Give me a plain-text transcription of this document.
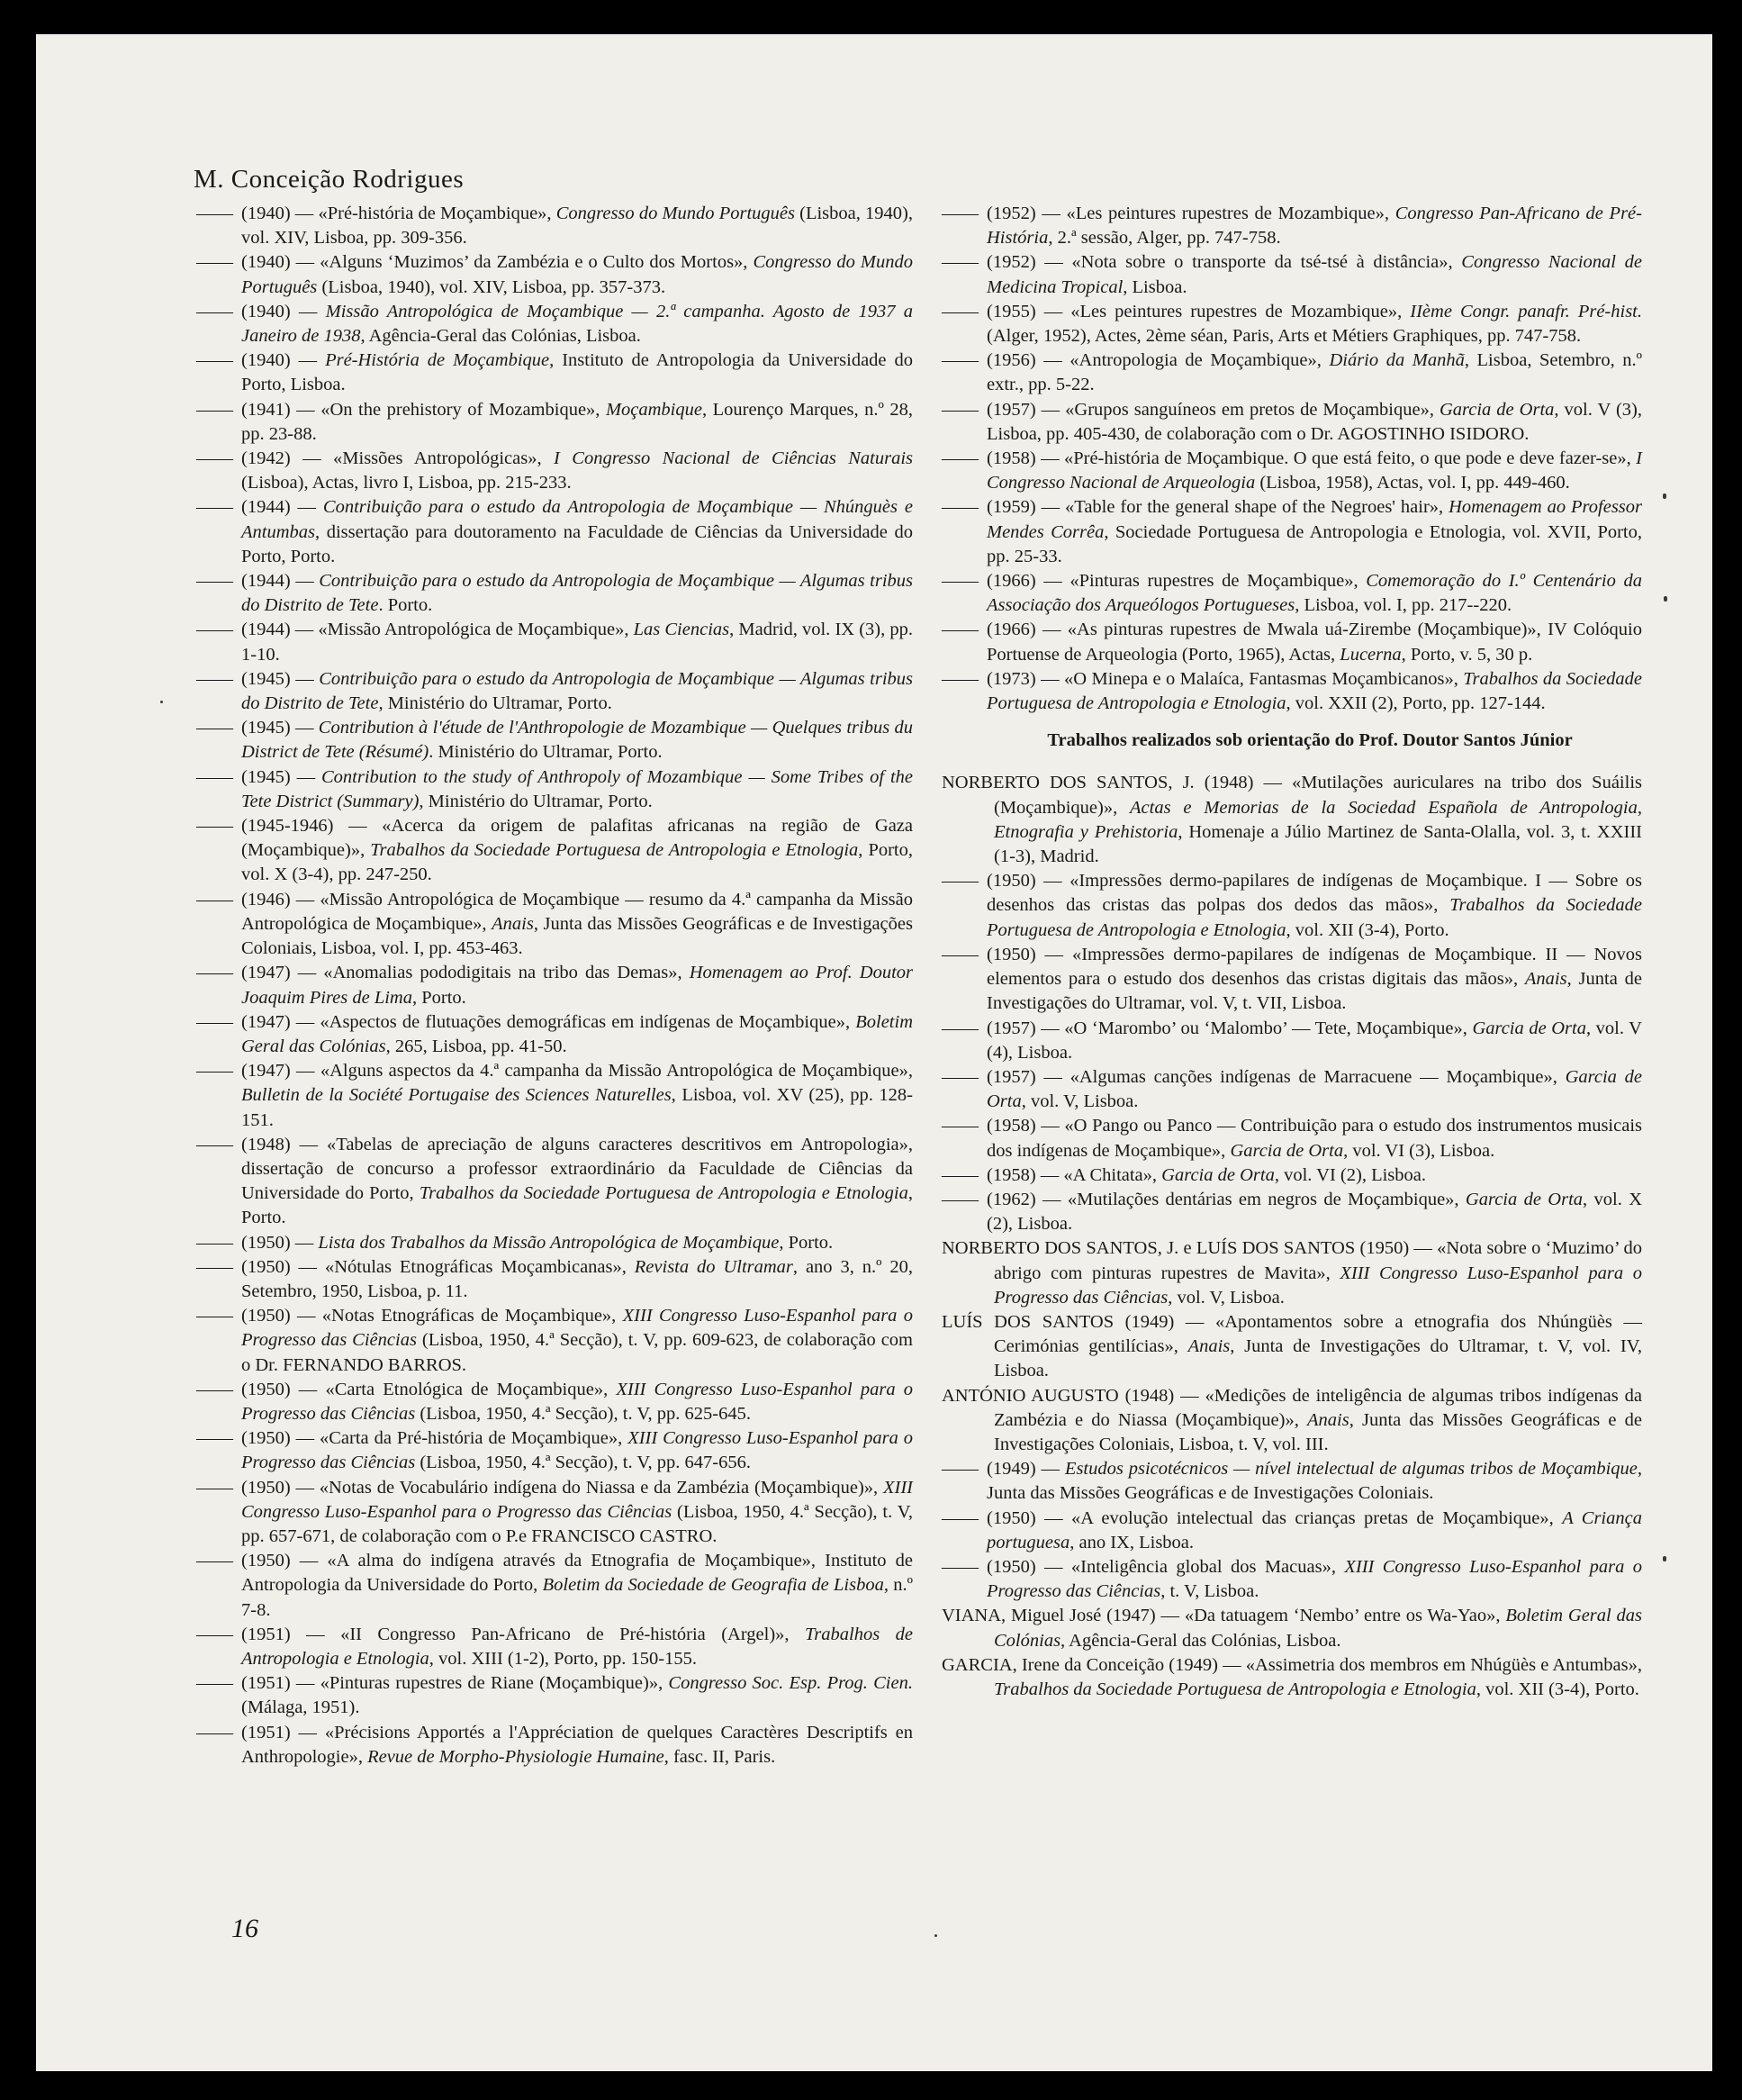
M. Conceição Rodrigues

—— (1940) — «Pré-história de Moçambique», Congresso do Mundo Português (Lisboa, 1940), vol. XIV, Lisboa, pp. 309-356.

—— (1940) — «Alguns ‘Muzimos’ da Zambézia e o Culto dos Mortos», Congresso do Mundo Português (Lisboa, 1940), vol. XIV, Lisboa, pp. 357-373.

—— (1940) — Missão Antropológica de Moçambique — 2.ª campanha. Agosto de 1937 a Janeiro de 1938, Agência-Geral das Colónias, Lisboa.

—— (1940) — Pré-História de Moçambique, Instituto de Antropologia da Universidade do Porto, Lisboa.

—— (1941) — «On the prehistory of Mozambique», Moçambique, Lourenço Marques, n.º 28, pp. 23-88.

—— (1942) — «Missões Antropológicas», I Congresso Nacional de Ciências Naturais (Lisboa), Actas, livro I, Lisboa, pp. 215-233.

—— (1944) — Contribuição para o estudo da Antropologia de Moçambique — Nhúnguès e Antumbas, dissertação para doutoramento na Faculdade de Ciências da Universidade do Porto, Porto.

—— (1944) — Contribuição para o estudo da Antropologia de Moçambique — Algumas tribus do Distrito de Tete. Porto.

—— (1944) — «Missão Antropológica de Moçambique», Las Ciencias, Madrid, vol. IX (3), pp. 1-10.

—— (1945) — Contribuição para o estudo da Antropologia de Moçambique — Algumas tribus do Distrito de Tete, Ministério do Ultramar, Porto.

—— (1945) — Contribution à l'étude de l'Anthropologie de Mozambique — Quelques tribus du District de Tete (Résumé). Ministério do Ultramar, Porto.

—— (1945) — Contribution to the study of Anthropoly of Mozambique — Some Tribes of the Tete District (Summary), Ministério do Ultramar, Porto.

—— (1945-1946) — «Acerca da origem de palafitas africanas na região de Gaza (Moçambique)», Trabalhos da Sociedade Portuguesa de Antropologia e Etnologia, Porto, vol. X (3-4), pp. 247-250.

—— (1946) — «Missão Antropológica de Moçambique — resumo da 4.ª campanha da Missão Antropológica de Moçambique», Anais, Junta das Missões Geográficas e de Investigações Coloniais, Lisboa, vol. I, pp. 453-463.

—— (1947) — «Anomalias pododigitais na tribo das Demas», Homenagem ao Prof. Doutor Joaquim Pires de Lima, Porto.

—— (1947) — «Aspectos de flutuações demográficas em indígenas de Moçambique», Boletim Geral das Colónias, 265, Lisboa, pp. 41-50.

—— (1947) — «Alguns aspectos da 4.ª campanha da Missão Antropológica de Moçambique», Bulletin de la Société Portugaise des Sciences Naturelles, Lisboa, vol. XV (25), pp. 128-151.

—— (1948) — «Tabelas de apreciação de alguns caracteres descritivos em Antropologia», dissertação de concurso a professor extraordinário da Faculdade de Ciências da Universidade do Porto, Trabalhos da Sociedade Portuguesa de Antropologia e Etnologia, Porto.

—— (1950) — Lista dos Trabalhos da Missão Antropológica de Moçambique, Porto.

—— (1950) — «Nótulas Etnográficas Moçambicanas», Revista do Ultramar, ano 3, n.º 20, Setembro, 1950, Lisboa, p. 11.

—— (1950) — «Notas Etnográficas de Moçambique», XIII Congresso Luso-Espanhol para o Progresso das Ciências (Lisboa, 1950, 4.ª Secção), t. V, pp. 609-623, de colaboração com o Dr. FERNANDO BARROS.

—— (1950) — «Carta Etnológica de Moçambique», XIII Congresso Luso-Espanhol para o Progresso das Ciências (Lisboa, 1950, 4.ª Secção), t. V, pp. 625-645.

—— (1950) — «Carta da Pré-história de Moçambique», XIII Congresso Luso-Espanhol para o Progresso das Ciências (Lisboa, 1950, 4.ª Secção), t. V, pp. 647-656.

—— (1950) — «Notas de Vocabulário indígena do Niassa e da Zambézia (Moçambique)», XIII Congresso Luso-Espanhol para o Progresso das Ciências (Lisboa, 1950, 4.ª Secção), t. V, pp. 657-671, de colaboração com o P.e FRANCISCO CASTRO.

—— (1950) — «A alma do indígena através da Etnografia de Moçambique», Instituto de Antropologia da Universidade do Porto, Boletim da Sociedade de Geografia de Lisboa, n.º 7-8.

—— (1951) — «II Congresso Pan-Africano de Pré-história (Argel)», Trabalhos de Antropologia e Etnologia, vol. XIII (1-2), Porto, pp. 150-155.

—— (1951) — «Pinturas rupestres de Riane (Moçambique)», Congresso Soc. Esp. Prog. Cien. (Málaga, 1951).

—— (1951) — «Précisions Apportés a l'Appréciation de quelques Caractères Descriptifs en Anthropologie», Revue de Morpho-Physiologie Humaine, fasc. II, Paris.

—— (1952) — «Les peintures rupestres de Mozambique», Congresso Pan-Africano de Pré-História, 2.ª sessão, Alger, pp. 747-758.

—— (1952) — «Nota sobre o transporte da tsé-tsé à distância», Congresso Nacional de Medicina Tropical, Lisboa.

—— (1955) — «Les peintures rupestres de Mozambique», IIème Congr. panafr. Pré-hist. (Alger, 1952), Actes, 2ème séan, Paris, Arts et Métiers Graphiques, pp. 747-758.

—— (1956) — «Antropologia de Moçambique», Diário da Manhã, Lisboa, Setembro, n.º extr., pp. 5-22.

—— (1957) — «Grupos sanguíneos em pretos de Moçambique», Garcia de Orta, vol. V (3), Lisboa, pp. 405-430, de colaboração com o Dr. AGOSTINHO ISIDORO.

—— (1958) — «Pré-história de Moçambique. O que está feito, o que pode e deve fazer-se», I Congresso Nacional de Arqueologia (Lisboa, 1958), Actas, vol. I, pp. 449-460.

—— (1959) — «Table for the general shape of the Negroes' hair», Homenagem ao Professor Mendes Corrêa, Sociedade Portuguesa de Antropologia e Etnologia, vol. XVII, Porto, pp. 25-33.

—— (1966) — «Pinturas rupestres de Moçambique», Comemoração do I.º Centenário da Associação dos Arqueólogos Portugueses, Lisboa, vol. I, pp. 217--220.

—— (1966) — «As pinturas rupestres de Mwala uá-Zirembe (Moçambique)», IV Colóquio Portuense de Arqueologia (Porto, 1965), Actas, Lucerna, Porto, v. 5, 30 p.

—— (1973) — «O Minepa e o Malaíca, Fantasmas Moçambicanos», Trabalhos da Sociedade Portuguesa de Antropologia e Etnologia, vol. XXII (2), Porto, pp. 127-144.

Trabalhos realizados sob orientação do Prof. Doutor Santos Júnior

NORBERTO DOS SANTOS, J. (1948) — «Mutilações auriculares na tribo dos Suáilis (Moçambique)», Actas e Memorias de la Sociedad Española de Antropologia, Etnografia y Prehistoria, Homenaje a Júlio Martinez de Santa-Olalla, vol. 3, t. XXIII (1-3), Madrid.

—— (1950) — «Impressões dermo-papilares de indígenas de Moçambique. I — Sobre os desenhos das cristas das polpas dos dedos das mãos», Trabalhos da Sociedade Portuguesa de Antropologia e Etnologia, vol. XII (3-4), Porto.

—— (1950) — «Impressões dermo-papilares de indígenas de Moçambique. II — Novos elementos para o estudo dos desenhos das cristas digitais das mãos», Anais, Junta de Investigações do Ultramar, vol. V, t. VII, Lisboa.

—— (1957) — «O ‘Marombo’ ou ‘Malombo’ — Tete, Moçambique», Garcia de Orta, vol. V (4), Lisboa.

—— (1957) — «Algumas canções indígenas de Marracuene — Moçambique», Garcia de Orta, vol. V, Lisboa.

—— (1958) — «O Pango ou Panco — Contribuição para o estudo dos instrumentos musicais dos indígenas de Moçambique», Garcia de Orta, vol. VI (3), Lisboa.

—— (1958) — «A Chitata», Garcia de Orta, vol. VI (2), Lisboa.

—— (1962) — «Mutilações dentárias em negros de Moçambique», Garcia de Orta, vol. X (2), Lisboa.

NORBERTO DOS SANTOS, J. e LUÍS DOS SANTOS (1950) — «Nota sobre o ‘Muzimo’ do abrigo com pinturas rupestres de Mavita», XIII Congresso Luso-Espanhol para o Progresso das Ciências, vol. V, Lisboa.

LUÍS DOS SANTOS (1949) — «Apontamentos sobre a etnografia dos Nhúngüès — Cerimónias gentilícias», Anais, Junta de Investigações do Ultramar, t. V, vol. IV, Lisboa.

ANTÓNIO AUGUSTO (1948) — «Medições de inteligência de algumas tribos indígenas da Zambézia e do Niassa (Moçambique)», Anais, Junta das Missões Geográficas e de Investigações Coloniais, Lisboa, t. V, vol. III.

—— (1949) — Estudos psicotécnicos — nível intelectual de algumas tribos de Moçambique, Junta das Missões Geográficas e de Investigações Coloniais.

—— (1950) — «A evolução intelectual das crianças pretas de Moçambique», A Criança portuguesa, ano IX, Lisboa.

—— (1950) — «Inteligência global dos Macuas», XIII Congresso Luso-Espanhol para o Progresso das Ciências, t. V, Lisboa.

VIANA, Miguel José (1947) — «Da tatuagem ‘Nembo’ entre os Wa-Yao», Boletim Geral das Colónias, Agência-Geral das Colónias, Lisboa.

GARCIA, Irene da Conceição (1949) — «Assimetria dos membros em Nhúgüès e Antumbas», Trabalhos da Sociedade Portuguesa de Antropologia e Etnologia, vol. XII (3-4), Porto.

16
